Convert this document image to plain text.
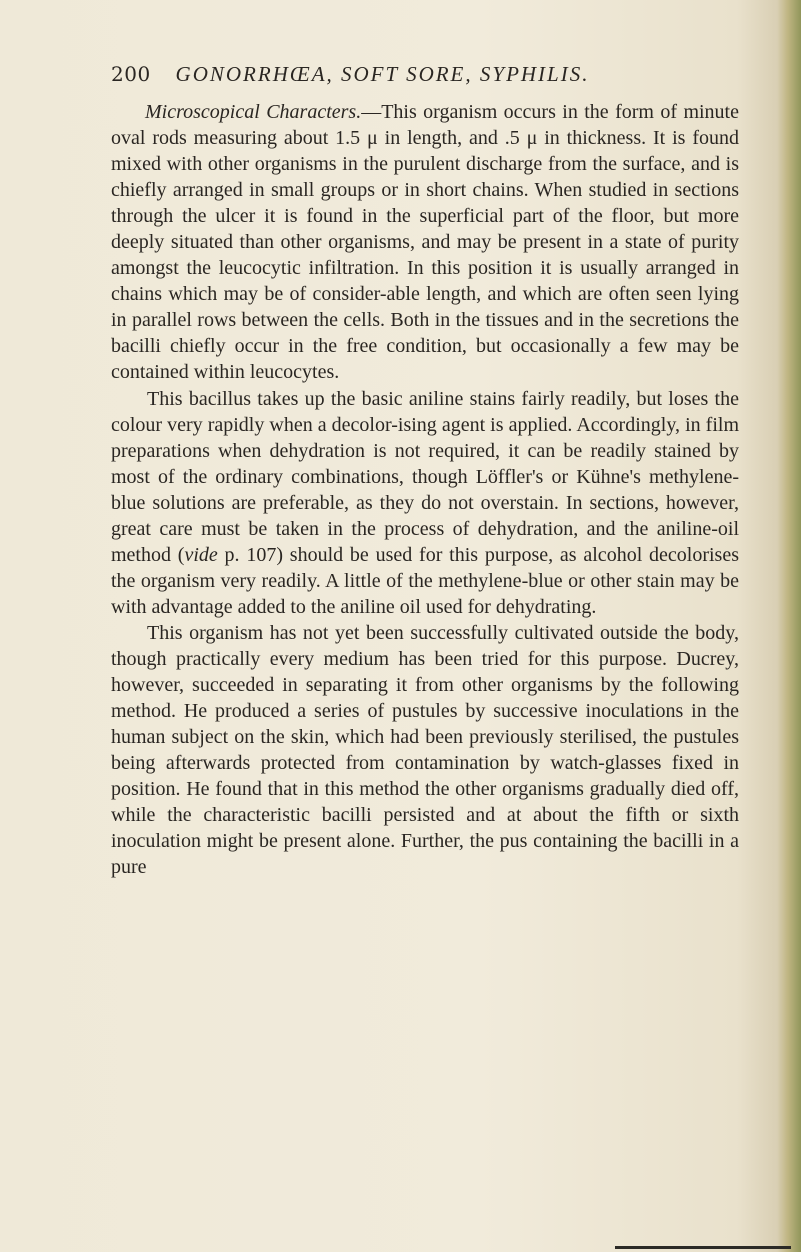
200 GONORRHŒA, SOFT SORE, SYPHILIS.

Microscopical Characters.—This organism occurs in the form of minute oval rods measuring about 1.5 μ in length, and .5 μ in thickness. It is found mixed with other organisms in the purulent discharge from the surface, and is chiefly arranged in small groups or in short chains. When studied in sections through the ulcer it is found in the superficial part of the floor, but more deeply situated than other organisms, and may be present in a state of purity amongst the leucocytic infiltration. In this position it is usually arranged in chains which may be of consider-able length, and which are often seen lying in parallel rows between the cells. Both in the tissues and in the secretions the bacilli chiefly occur in the free condition, but occasionally a few may be contained within leucocytes.

This bacillus takes up the basic aniline stains fairly readily, but loses the colour very rapidly when a decolor-ising agent is applied. Accordingly, in film preparations when dehydration is not required, it can be readily stained by most of the ordinary combinations, though Löffler's or Kühne's methylene-blue solutions are preferable, as they do not overstain. In sections, however, great care must be taken in the process of dehydration, and the aniline-oil method (vide p. 107) should be used for this purpose, as alcohol decolorises the organism very readily. A little of the methylene-blue or other stain may be with advantage added to the aniline oil used for dehydrating.

This organism has not yet been successfully cultivated outside the body, though practically every medium has been tried for this purpose. Ducrey, however, succeeded in separating it from other organisms by the following method. He produced a series of pustules by successive inoculations in the human subject on the skin, which had been previously sterilised, the pustules being afterwards protected from contamination by watch-glasses fixed in position. He found that in this method the other organisms gradually died off, while the characteristic bacilli persisted and at about the fifth or sixth inoculation might be present alone. Further, the pus containing the bacilli in a pure
